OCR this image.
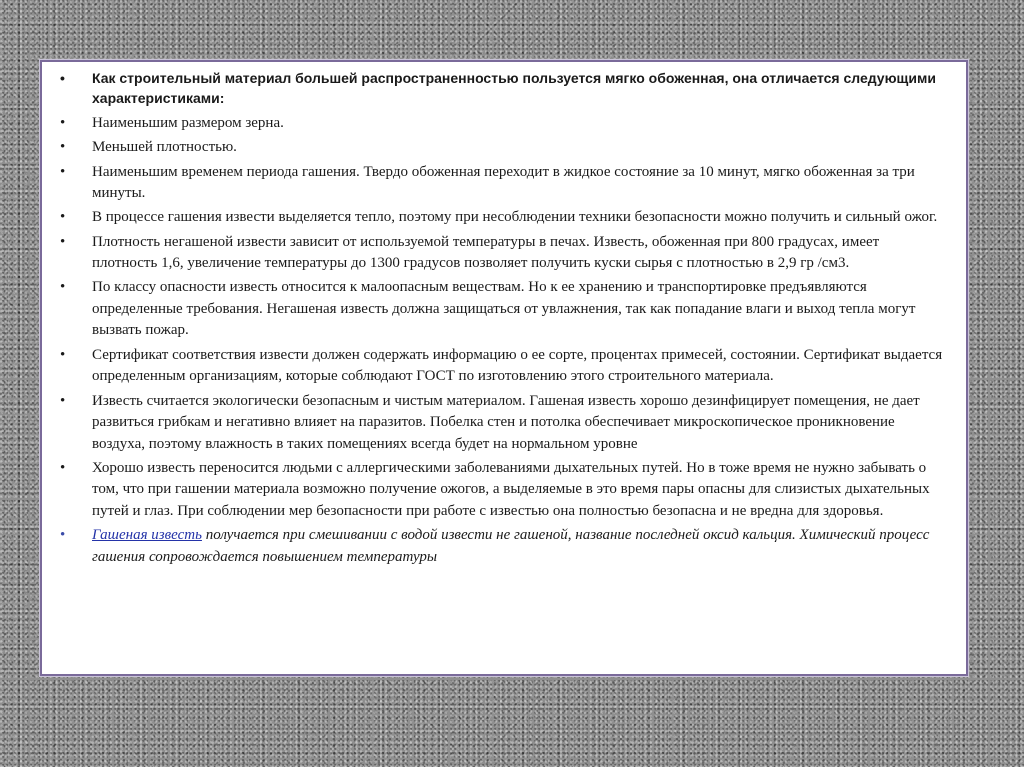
• Как строительный материал большей распространенностью пользуется мягко обоженная, она отличается следующими характеристиками:
• Наименьшим размером зерна.
• Меньшей плотностью.
• Наименьшим временем периода гашения. Твердо обоженная переходит в жидкое состояние за 10 минут, мягко обоженная за три минуты.
• В процессе гашения извести выделяется тепло, поэтому при несоблюдении техники безопасности можно получить и сильный ожог.
• Плотность негашеной извести зависит от используемой температуры в печах. Известь, обоженная при 800 градусах, имеет плотность 1,6, увеличение температуры до 1300 градусов позволяет получить куски сырья с плотностью в 2,9 гр /см3.
• По классу опасности известь относится к малоопасным веществам. Но к ее хранению и транспортировке предъявляются определенные требования. Негашеная известь должна защищаться от увлажнения, так как попадание влаги и выход тепла могут вызвать пожар.
• Сертификат соответствия извести должен содержать информацию о ее сорте, процентах примесей, состоянии. Сертификат выдается определенным организациям, которые соблюдают ГОСТ по изготовлению этого строительного материала.
• Известь считается экологически безопасным и чистым материалом. Гашеная известь хорошо дезинфицирует помещения, не дает развиться грибкам и негативно влияет на паразитов. Побелка стен и потолка обеспечивает микроскопическое проникновение воздуха, поэтому влажность в таких помещениях всегда будет на нормальном уровне
• Хорошо известь переносится людьми с аллергическими заболеваниями дыхательных путей. Но в тоже время не нужно забывать о том, что при гашении материала возможно получение ожогов, а выделяемые в это время пары опасны для слизистых дыхательных путей и глаз. При соблюдении мер безопасности при работе с известью она полностью безопасна и не вредна для здоровья.
• Гашеная известь получается при смешивании с водой извести не гашеной, название последней оксид кальция. Химический процесс гашения сопровождается повышением температуры
